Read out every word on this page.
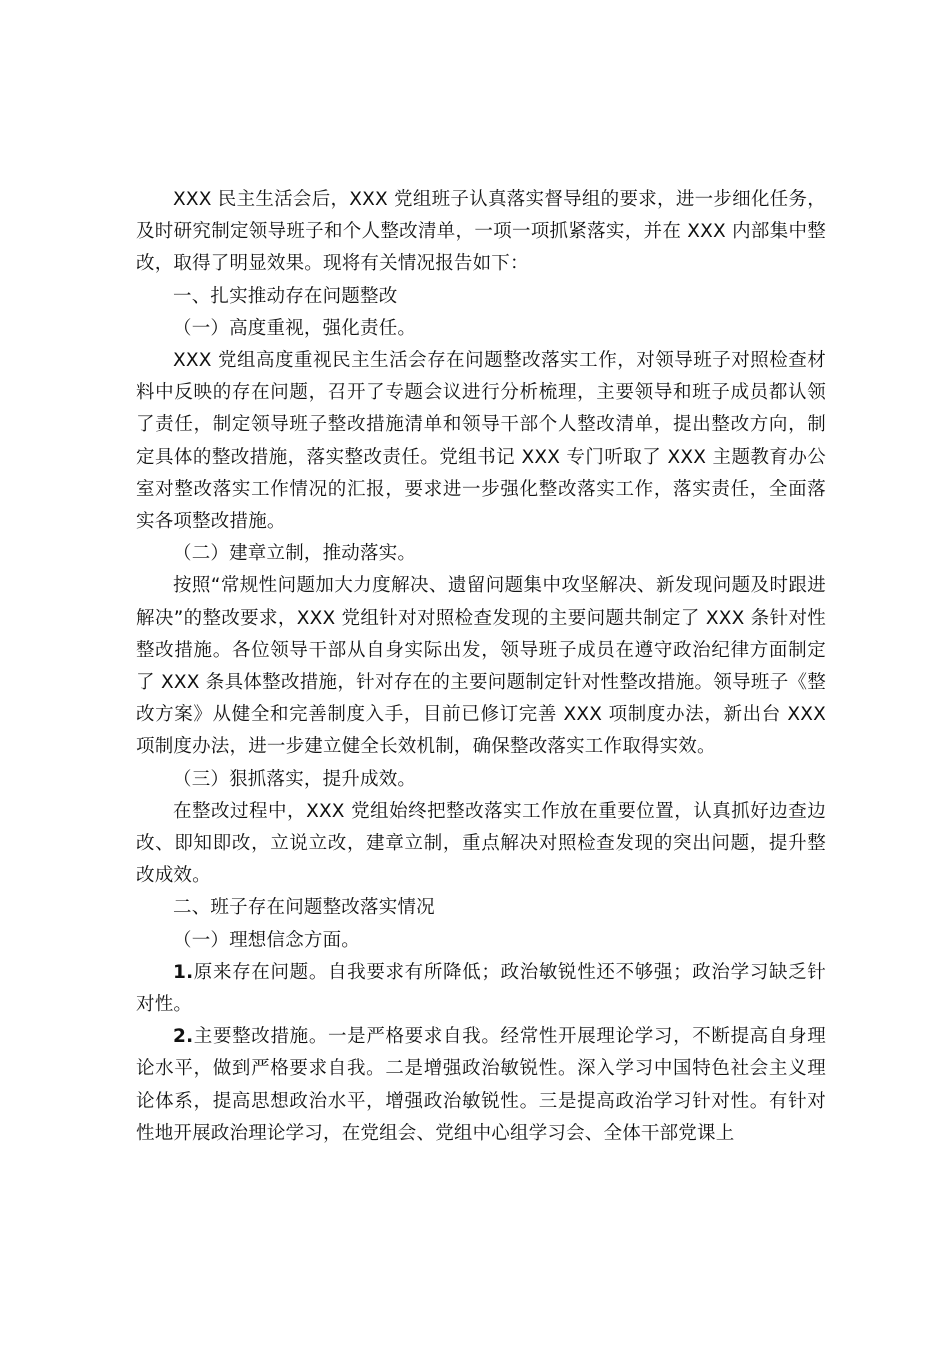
XXX 民主生活会后，XXX 党组班子认真落实督导组的要求，进一步细化任务，及时研究制定领导班子和个人整改清单，一项一项抓紧落实，并在 XXX 内部集中整改，取得了明显效果。现将有关情况报告如下：

一、扎实推动存在问题整改

（一）高度重视，强化责任。

XXX 党组高度重视民主生活会存在问题整改落实工作，对领导班子对照检查材料中反映的存在问题，召开了专题会议进行分析梳理，主要领导和班子成员都认领了责任，制定领导班子整改措施清单和领导干部个人整改清单，提出整改方向，制定具体的整改措施，落实整改责任。党组书记 XXX 专门听取了 XXX 主题教育办公室对整改落实工作情况的汇报，要求进一步强化整改落实工作，落实责任，全面落实各项整改措施。

（二）建章立制，推动落实。

按照“常规性问题加大力度解决、遗留问题集中攻坚解决、新发现问题及时跟进解决”的整改要求，XXX 党组针对对照检查发现的主要问题共制定了 XXX 条针对性整改措施。各位领导干部从自身实际出发，领导班子成员在遵守政治纪律方面制定了 XXX 条具体整改措施，针对存在的主要问题制定针对性整改措施。领导班子《整改方案》从健全和完善制度入手，目前已修订完善 XXX 项制度办法，新出台 XXX 项制度办法，进一步建立健全长效机制，确保整改落实工作取得实效。

（三）狠抓落实，提升成效。

在整改过程中，XXX 党组始终把整改落实工作放在重要位置，认真抓好边查边改、即知即改，立说立改，建章立制，重点解决对照检查发现的突出问题，提升整改成效。

二、班子存在问题整改落实情况

（一）理想信念方面。

1.原来存在问题。自我要求有所降低；政治敏锐性还不够强；政治学习缺乏针对性。

2.主要整改措施。一是严格要求自我。经常性开展理论学习，不断提高自身理论水平，做到严格要求自我。二是增强政治敏锐性。深入学习中国特色社会主义理论体系，提高思想政治水平，增强政治敏锐性。三是提高政治学习针对性。有针对性地开展政治理论学习，在党组会、党组中心组学习会、全体干部党课上
